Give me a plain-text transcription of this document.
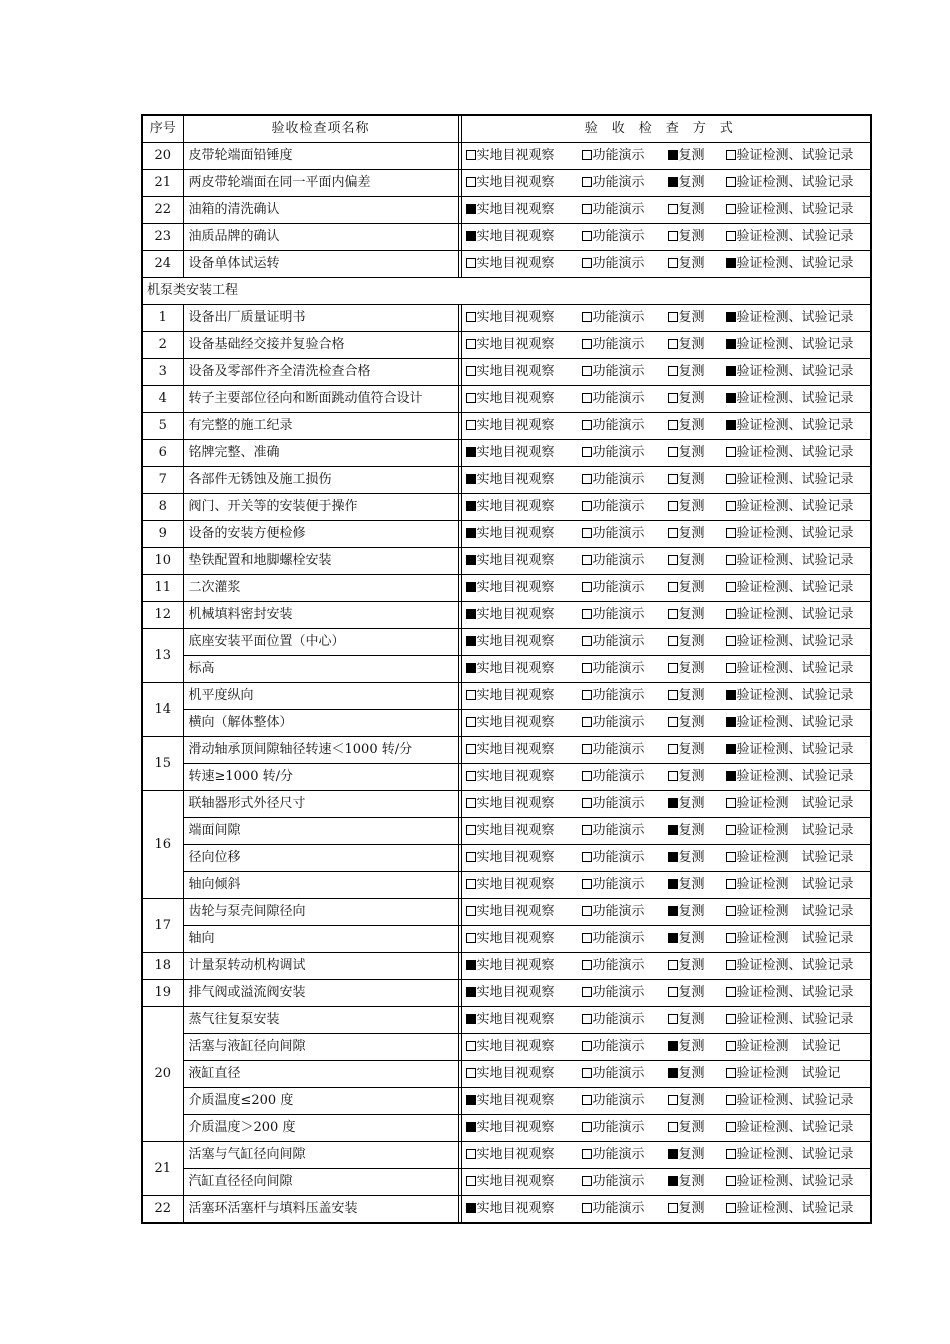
序号	验收检查项名称		验收检查方式
20	皮带轮端面铅锤度		实地目视观察 功能演示 复测 验证检测、试验记录

21	两皮带轮端面在同一平面内偏差		实地目视观察 功能演示 复测 验证检测、试验记录

22	油箱的清洗确认		实地目视观察 功能演示 复测 验证检测、试验记录

23	油质品牌的确认		实地目视观察 功能演示 复测 验证检测、试验记录

24	设备单体试运转		实地目视观察 功能演示 复测 验证检测、试验记录

机泵类安装工程			
1	设备出厂质量证明书		实地目视观察 功能演示 复测 验证检测、试验记录

2	设备基础经交接并复验合格		实地目视观察 功能演示 复测 验证检测、试验记录

3	设备及零部件齐全清洗检查合格		实地目视观察 功能演示 复测 验证检测、试验记录

4	转子主要部位径向和断面跳动值符合设计		实地目视观察 功能演示 复测 验证检测、试验记录

5	有完整的施工纪录		实地目视观察 功能演示 复测 验证检测、试验记录

6	铭牌完整、准确		实地目视观察 功能演示 复测 验证检测、试验记录

7	各部件无锈蚀及施工损伤		实地目视观察 功能演示 复测 验证检测、试验记录

8	阀门、开关等的安装便于操作		实地目视观察 功能演示 复测 验证检测、试验记录

9	设备的安装方便检修		实地目视观察 功能演示 复测 验证检测、试验记录

10	垫铁配置和地脚螺栓安装		实地目视观察 功能演示 复测 验证检测、试验记录

11	二次灌浆		实地目视观察 功能演示 复测 验证检测、试验记录

12	机械填料密封安装		实地目视观察 功能演示 复测 验证检测、试验记录

13	底座安装平面位置（中心）		实地目视观察 功能演示 复测 验证检测、试验记录

	标高		实地目视观察 功能演示 复测 验证检测、试验记录

14	机平度纵向		实地目视观察 功能演示 复测 验证检测、试验记录

	横向（解体整体）		实地目视观察 功能演示 复测 验证检测、试验记录

15	滑动轴承顶间隙轴径转速＜1000 转/分		实地目视观察 功能演示 复测 验证检测、试验记录

	转速≥1000 转/分		实地目视观察 功能演示 复测 验证检测、试验记录

16	联轴器形式外径尺寸		实地目视观察 功能演示 复测 验证检测　试验记录

	端面间隙		实地目视观察 功能演示 复测 验证检测　试验记录

	径向位移		实地目视观察 功能演示 复测 验证检测　试验记录

	轴向倾斜		实地目视观察 功能演示 复测 验证检测　试验记录

17	齿轮与泵壳间隙径向		实地目视观察 功能演示 复测 验证检测　试验记录

	轴向		实地目视观察 功能演示 复测 验证检测　试验记录

18	计量泵转动机构调试		实地目视观察 功能演示 复测 验证检测、试验记录

19	排气阀或溢流阀安装		实地目视观察 功能演示 复测 验证检测、试验记录

20	蒸气往复泵安装		实地目视观察 功能演示 复测 验证检测、试验记录

	活塞与液缸径向间隙		实地目视观察 功能演示 复测 验证检测　试验记

	液缸直径		实地目视观察 功能演示 复测 验证检测　试验记

	介质温度≤200 度		实地目视观察 功能演示 复测 验证检测、试验记录

	介质温度＞200 度		实地目视观察 功能演示 复测 验证检测、试验记录

21	活塞与气缸径向间隙		实地目视观察 功能演示 复测 验证检测、试验记录

	汽缸直径径向间隙		实地目视观察 功能演示 复测 验证检测、试验记录

22	活塞环活塞杆与填料压盖安装		实地目视观察 功能演示 复测 验证检测、试验记录
